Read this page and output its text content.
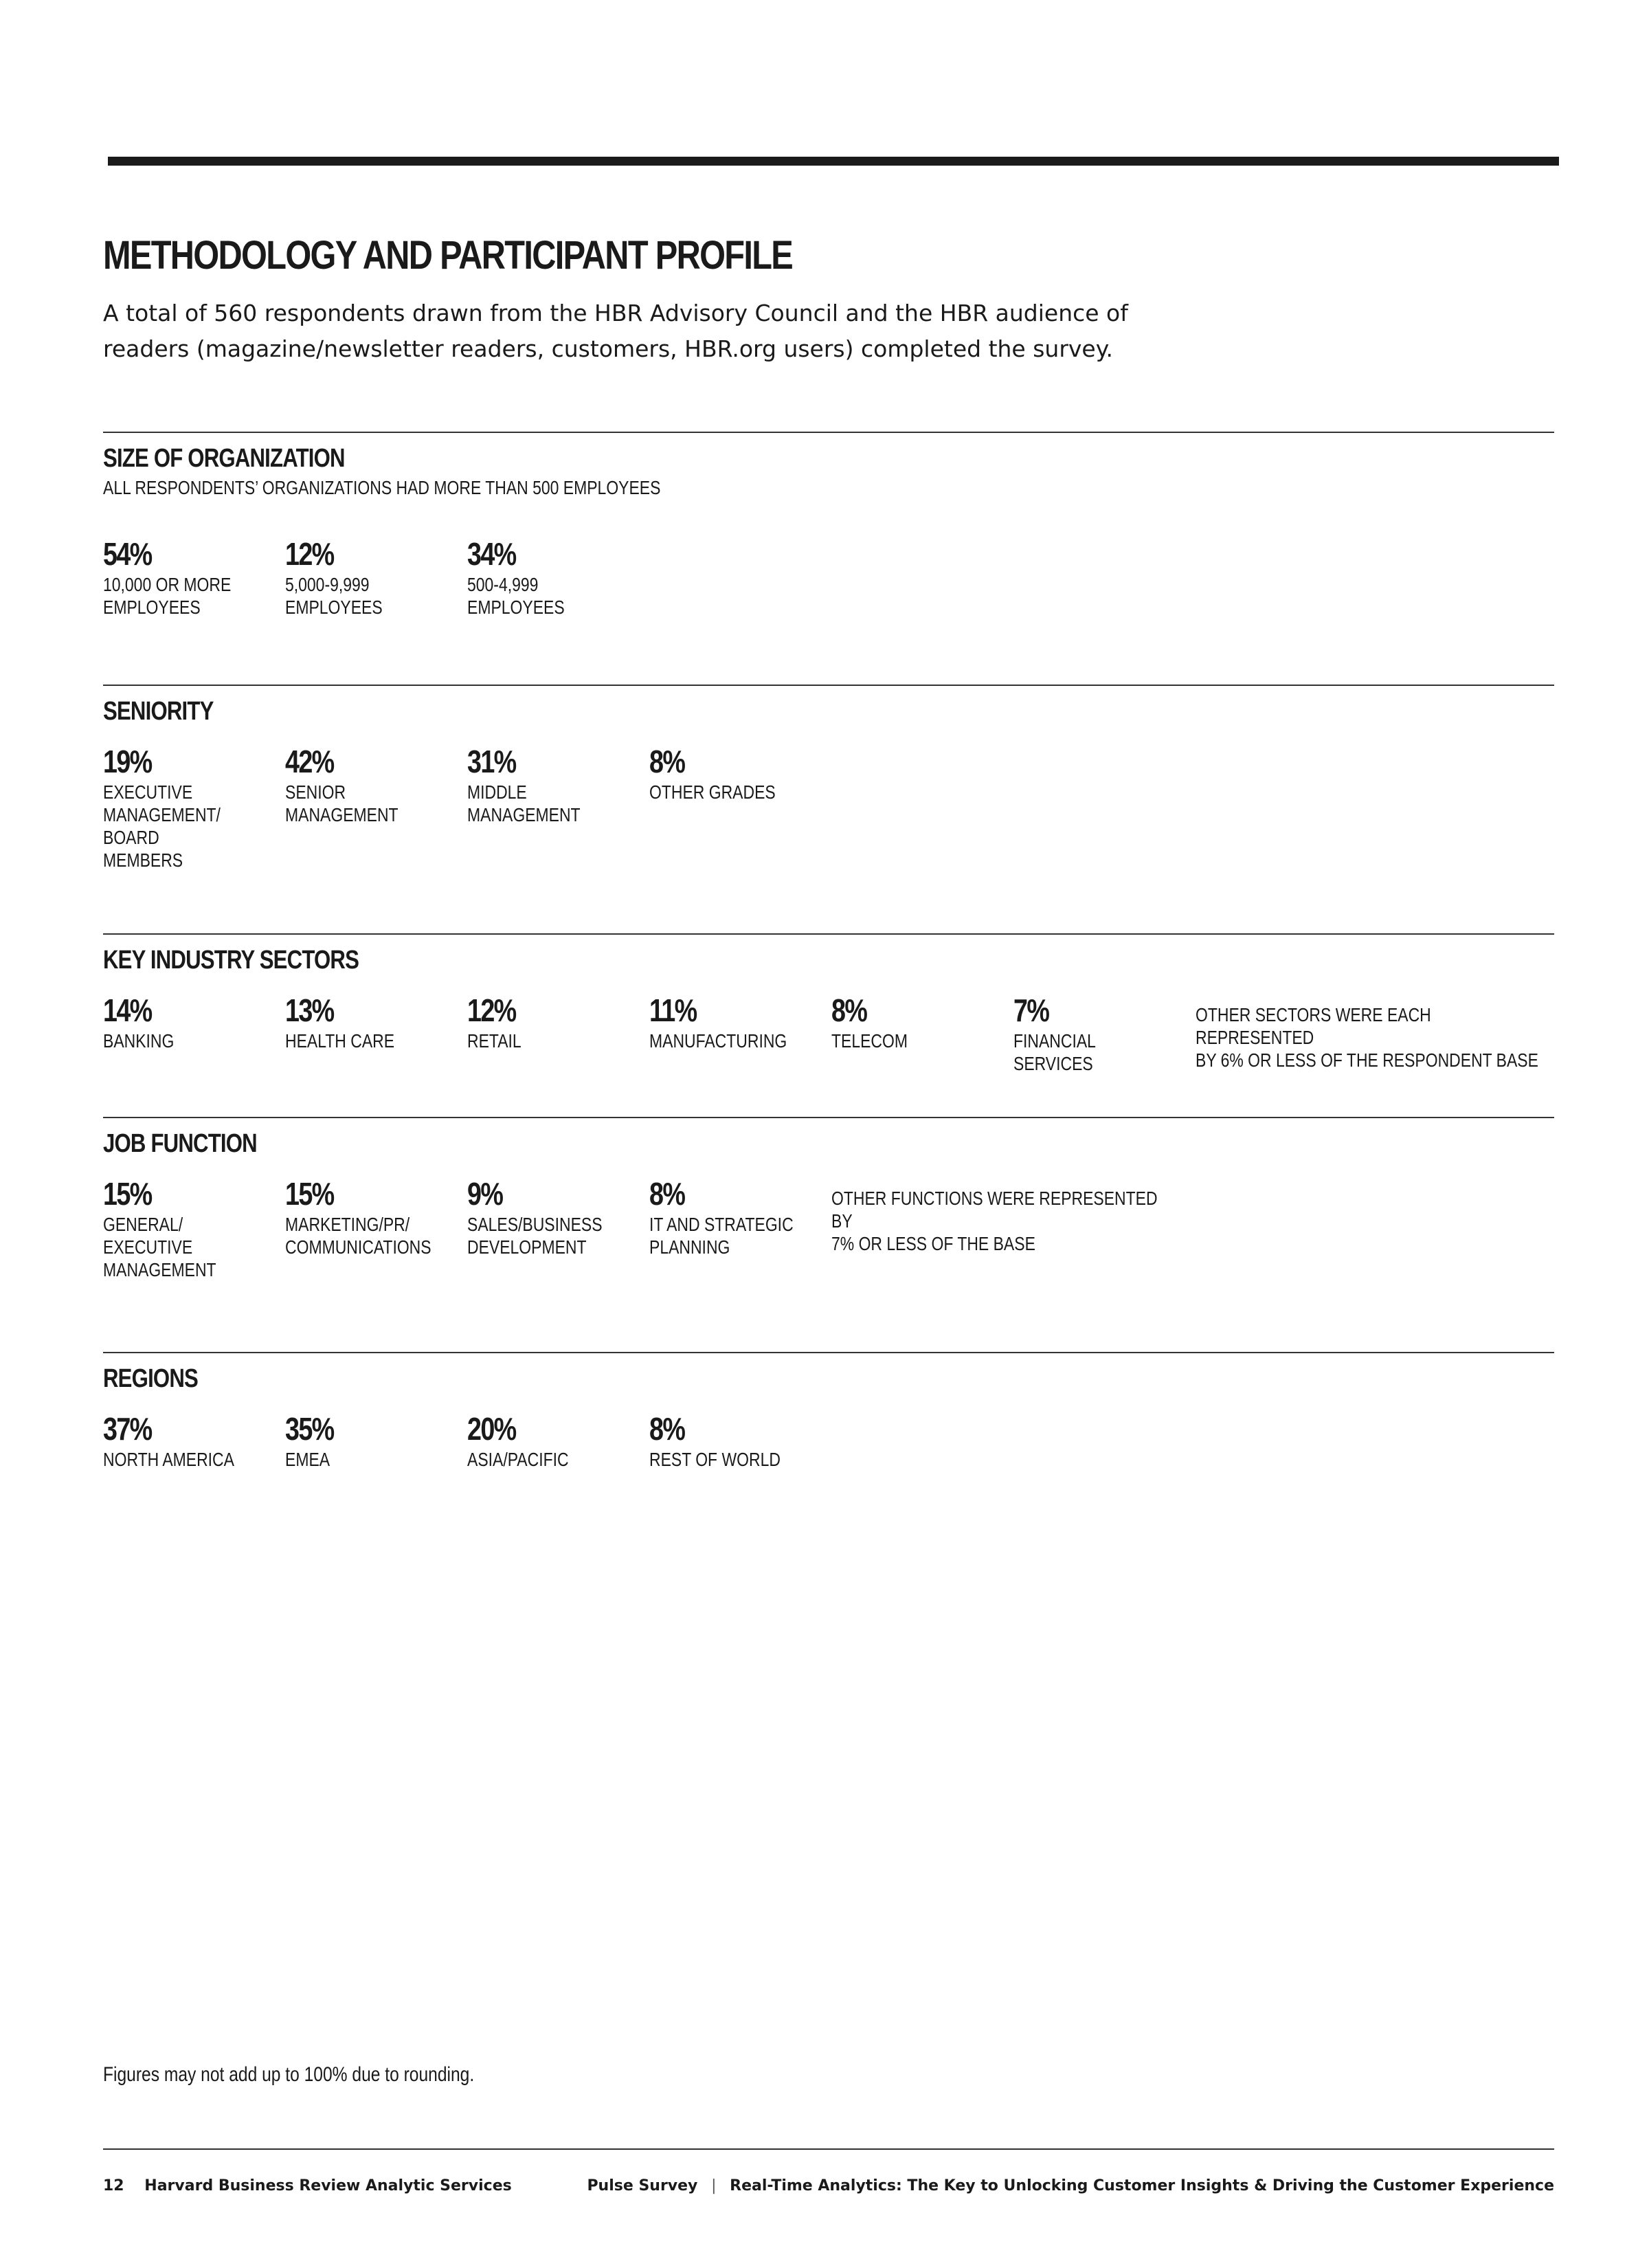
METHODOLOGY AND PARTICIPANT PROFILE
A total of 560 respondents drawn from the HBR Advisory Council and the HBR audience of readers (magazine/newsletter readers, customers, HBR.org users) completed the survey.
SIZE OF ORGANIZATION
ALL RESPONDENTS’ ORGANIZATIONS HAD MORE THAN 500 EMPLOYEES
54%
10,000 OR MORE
EMPLOYEES
12%
5,000-9,999
EMPLOYEES
34%
500-4,999
EMPLOYEES
SENIORITY
19%
EXECUTIVE
MANAGEMENT/
BOARD
MEMBERS
42%
SENIOR
MANAGEMENT
31%
MIDDLE
MANAGEMENT
8%
OTHER GRADES
KEY INDUSTRY SECTORS
14%
BANKING
13%
HEALTH CARE
12%
RETAIL
11%
MANUFACTURING
8%
TELECOM
7%
FINANCIAL
SERVICES
OTHER SECTORS WERE EACH REPRESENTED
BY 6% OR LESS OF THE RESPONDENT BASE
JOB FUNCTION
15%
GENERAL/
EXECUTIVE
MANAGEMENT
15%
MARKETING/PR/
COMMUNICATIONS
9%
SALES/BUSINESS
DEVELOPMENT
8%
IT AND STRATEGIC
PLANNING
OTHER FUNCTIONS WERE REPRESENTED BY
7% OR LESS OF THE BASE
REGIONS
37%
NORTH AMERICA
35%
EMEA
20%
ASIA/PACIFIC
8%
REST OF WORLD
Figures may not add up to 100% due to rounding.
12 Harvard Business Review Analytic Services	Pulse Survey | Real-Time Analytics: The Key to Unlocking Customer Insights & Driving the Customer Experience
